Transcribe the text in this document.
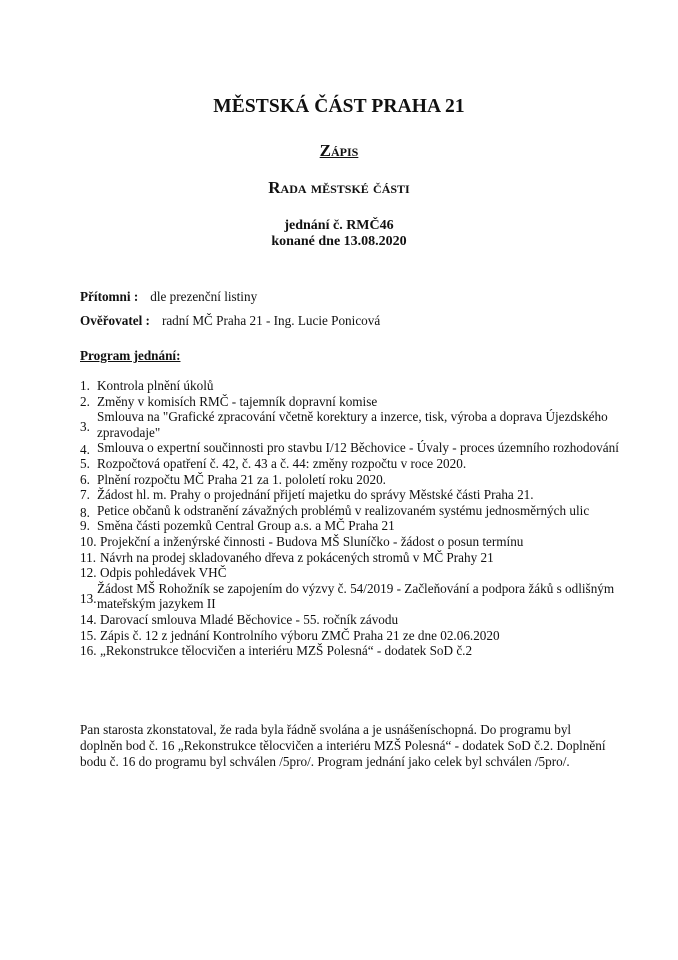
MĚSTSKÁ ČÁST PRAHA 21
Zápis
Rada městské části
jednání č. RMČ46
konané dne 13.08.2020
Přítomni : dle prezenční listiny
Ověřovatel : radní MČ Praha 21 - Ing. Lucie Ponicová
Program jednání:
1. Kontrola plnění úkolů
2. Změny v komisích RMČ - tajemník dopravní komise
3.
Smlouva na "Grafické zpracování včetně korektury a inzerce, tisk, výroba a doprava Újezdského zpravodaje"
4. Smlouva o expertní součinnosti pro stavbu I/12 Běchovice - Úvaly - proces územního rozhodování
5. Rozpočtová opatření č. 42, č. 43 a č. 44: změny rozpočtu v roce 2020.
6. Plnění rozpočtu MČ Praha 21 za 1. pololetí roku 2020.
7. Žádost hl. m. Prahy o projednání přijetí majetku do správy Městské části Praha 21.
8. Petice občanů k odstranění závažných problémů v realizovaném systému jednosměrných ulic
9. Směna části pozemků Central Group a.s. a MČ Praha 21
10. Projekční a inženýrské činnosti - Budova MŠ Sluníčko - žádost o posun termínu
11. Návrh na prodej skladovaného dřeva z pokácených stromů v MČ Prahy 21
12. Odpis pohledávek VHČ
13.
Žádost MŠ Rohožník se zapojením do výzvy č. 54/2019 - Začleňování a podpora žáků s odlišným mateřským jazykem II
14. Darovací smlouva Mladé Běchovice - 55. ročník závodu
15. Zápis č. 12 z jednání Kontrolního výboru ZMČ Praha 21 ze dne 02.06.2020
16. „Rekonstrukce tělocvičen a interiéru MZŠ Polesná“ - dodatek SoD č.2

Pan starosta zkonstatoval, že rada byla řádně svolána a je usnášeníschopná. Do programu byl doplněn bod č. 16 „Rekonstrukce tělocvičen a interiéru MZŠ Polesná“ - dodatek SoD č.2. Doplnění bodu č. 16 do programu byl schválen /5pro/. Program jednání jako celek byl schválen /5pro/.
